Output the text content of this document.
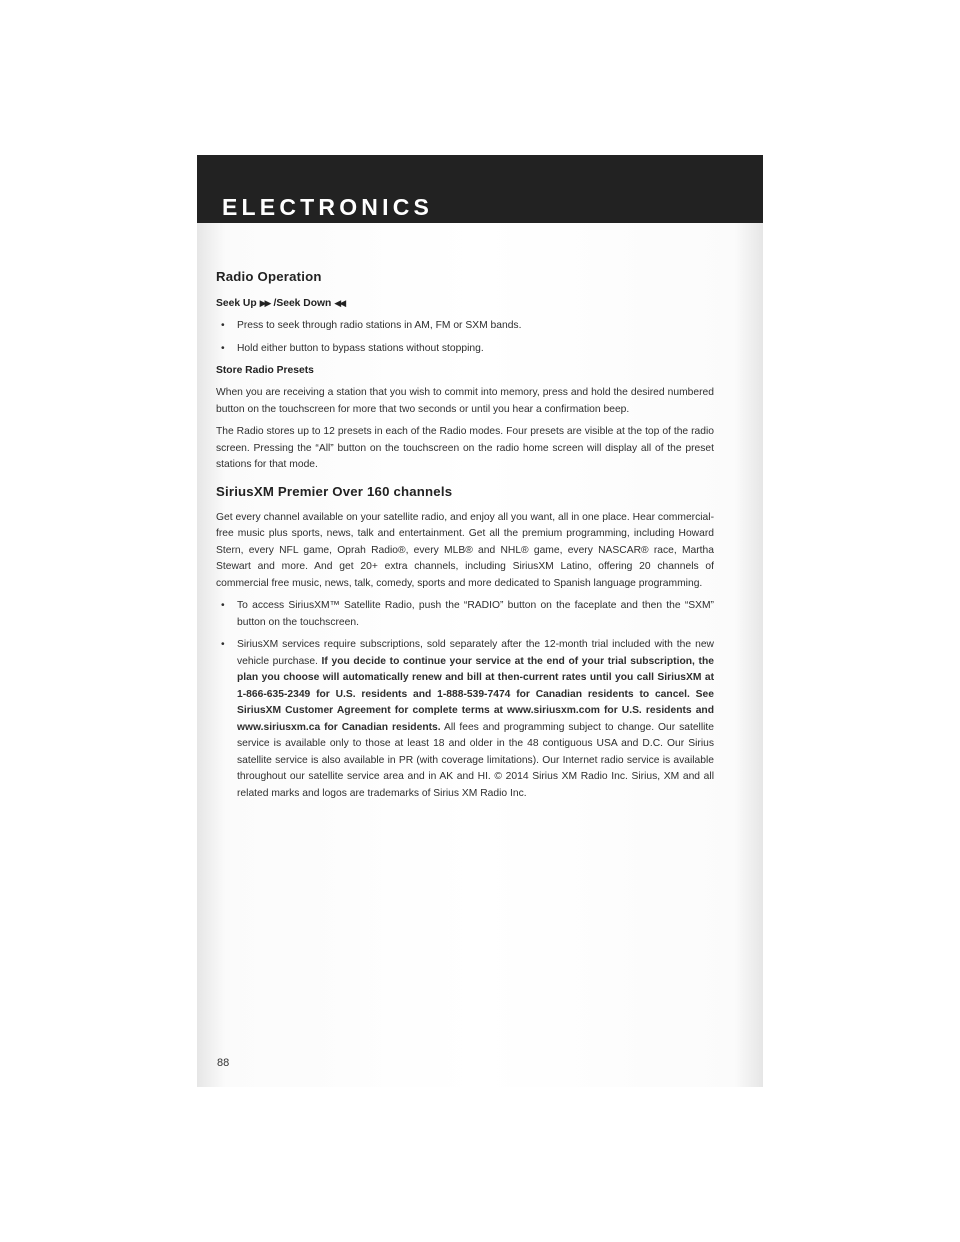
ELECTRONICS
Radio Operation
Seek Up ▶▶ /Seek Down ◀◀
• Press to seek through radio stations in AM, FM or SXM bands.
• Hold either button to bypass stations without stopping.
Store Radio Presets
When you are receiving a station that you wish to commit into memory, press and hold the desired numbered button on the touchscreen for more that two seconds or until you hear a confirmation beep.
The Radio stores up to 12 presets in each of the Radio modes. Four presets are visible at the top of the radio screen. Pressing the “All” button on the touchscreen on the radio home screen will display all of the preset stations for that mode.
SiriusXM Premier Over 160 channels
Get every channel available on your satellite radio, and enjoy all you want, all in one place. Hear commercial-free music plus sports, news, talk and entertainment. Get all the premium programming, including Howard Stern, every NFL game, Oprah Radio®, every MLB® and NHL® game, every NASCAR® race, Martha Stewart and more. And get 20+ extra channels, including SiriusXM Latino, offering 20 channels of commercial free music, news, talk, comedy, sports and more dedicated to Spanish language programming.
• To access SiriusXM™ Satellite Radio, push the “RADIO” button on the faceplate and then the “SXM” button on the touchscreen.
• SiriusXM services require subscriptions, sold separately after the 12-month trial included with the new vehicle purchase. If you decide to continue your service at the end of your trial subscription, the plan you choose will automatically renew and bill at then-current rates until you call SiriusXM at 1-866-635-2349 for U.S. residents and 1-888-539-7474 for Canadian residents to cancel. See SiriusXM Customer Agreement for complete terms at www.siriusxm.com for U.S. residents and www.siriusxm.ca for Canadian residents. All fees and programming subject to change. Our satellite service is available only to those at least 18 and older in the 48 contiguous USA and D.C. Our Sirius satellite service is also available in PR (with coverage limitations). Our Internet radio service is available throughout our satellite service area and in AK and HI. © 2014 Sirius XM Radio Inc. Sirius, XM and all related marks and logos are trademarks of Sirius XM Radio Inc.
88
